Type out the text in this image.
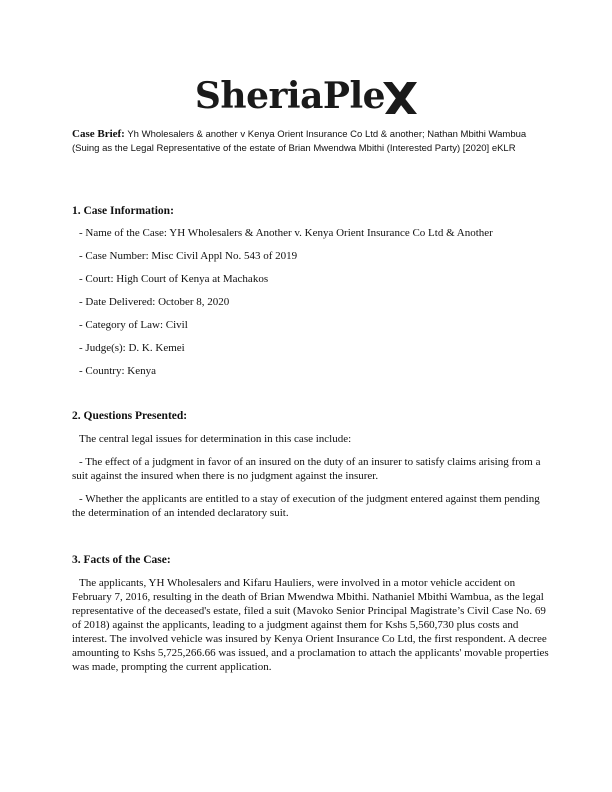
SheriaPle
Case Brief: Yh Wholesalers & another v Kenya Orient Insurance Co Ltd & another; Nathan Mbithi Wambua (Suing as the Legal Representative of the estate of Brian Mwendwa Mbithi (Interested Party) [2020] eKLR
1. Case Information:
- Name of the Case: YH Wholesalers & Another v. Kenya Orient Insurance Co Ltd & Another
- Case Number: Misc Civil Appl No. 543 of 2019
- Court: High Court of Kenya at Machakos
- Date Delivered: October 8, 2020
- Category of Law: Civil
- Judge(s): D. K. Kemei
- Country: Kenya
2. Questions Presented:
The central legal issues for determination in this case include:
- The effect of a judgment in favor of an insured on the duty of an insurer to satisfy claims arising from a suit against the insured when there is no judgment against the insurer.
- Whether the applicants are entitled to a stay of execution of the judgment entered against them pending the determination of an intended declaratory suit.
3. Facts of the Case:
The applicants, YH Wholesalers and Kifaru Hauliers, were involved in a motor vehicle accident on February 7, 2016, resulting in the death of Brian Mwendwa Mbithi. Nathaniel Mbithi Wambua, as the legal representative of the deceased's estate, filed a suit (Mavoko Senior Principal Magistrate’s Civil Case No. 69 of 2018) against the applicants, leading to a judgment against them for Kshs 5,560,730 plus costs and interest. The involved vehicle was insured by Kenya Orient Insurance Co Ltd, the first respondent. A decree amounting to Kshs 5,725,266.66 was issued, and a proclamation to attach the applicants' movable properties was made, prompting the current application.
